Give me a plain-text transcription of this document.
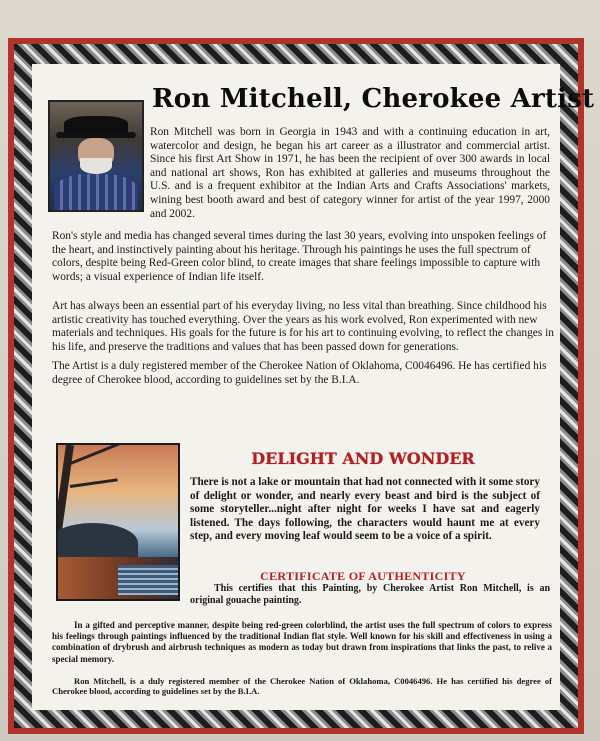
Ron Mitchell, Cherokee Artist
Ron Mitchell was born in Georgia in 1943 and with a continuing education in art, watercolor and design, he began his art career as a illustrator and commercial artist. Since his first Art Show in 1971, he has been the recipient of over 300 awards in local and national art shows, Ron has exhibited at galleries and museums throughout the U.S. and is a frequent exhibitor at the Indian Arts and Crafts Associations' markets, wining best booth award and best of category winner for artist of the year 1997, 2000 and 2002.
Ron's style and media has changed several times during the last 30 years, evolving into unspoken feelings of the heart, and instinctively painting about his heritage. Through his paintings he uses the full spectrum of colors, despite being Red-Green color blind, to create images that share feelings impossible to capture with words; a visual experience of Indian life itself.
Art has always been an essential part of his everyday living, no less vital than breathing. Since childhood his artistic creativity has touched everything. Over the years as his work evolved, Ron experimented with new materials and techniques. His goals for the future is for his art to continuing evolving, to reflect the changes in his life, and preserve the traditions and values that has been passed down for generations.
The Artist is a duly registered member of the Cherokee Nation of Oklahoma, C0046496. He has certified his degree of Cherokee blood, according to guidelines set by the B.I.A.
DELIGHT AND WONDER
There is not a lake or mountain that had not connected with it some story of delight or wonder, and nearly every beast and bird is the subject of some storyteller...night after night for weeks I have sat and eagerly listened. The days following, the characters would haunt me at every step, and every moving leaf would seem to be a voice of a spirit.
CERTIFICATE OF AUTHENTICITY
This certifies that this Painting, by Cherokee Artist Ron Mitchell, is an original gouache painting.
In a gifted and perceptive manner, despite being red-green colorblind, the artist uses the full spectrum of colors to express his feelings through paintings influenced by the traditional Indian flat style. Well known for his skill and effectiveness in using a combination of drybrush and airbrush techniques as modern as today but drawn from inspirations that links the past, to relive a special memory.
Ron Mitchell, is a duly registered member of the Cherokee Nation of Oklahoma, C0046496. He has certified his degree of Cherokee blood, according to guidelines set by the B.I.A.
